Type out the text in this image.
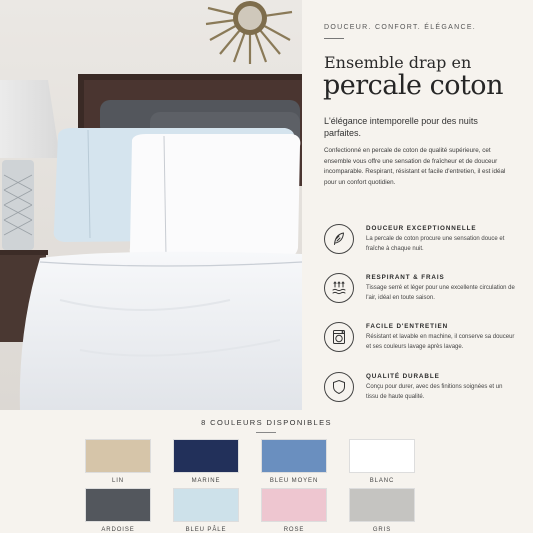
DOUCEUR. CONFORT. ÉLÉGANCE.
Ensemble drap en
percale coton
L'élégance intemporelle pour des nuits parfaites.
Confectionné en percale de coton de qualité supérieure, cet ensemble vous offre une sensation de fraîcheur et de douceur incomparable. Respirant, résistant et facile d'entretien, il est idéal pour un confort quotidien.
DOUCEUR EXCEPTIONNELLE
La percale de coton procure une sensation douce et fraîche à chaque nuit.
RESPIRANT & FRAIS
Tissage serré et léger pour une excellente circulation de l'air, idéal en toute saison.
FACILE D'ENTRETIEN
Résistant et lavable en machine, il conserve sa douceur et ses couleurs lavage après lavage.
QUALITÉ DURABLE
Conçu pour durer, avec des finitions soignées et un tissu de haute qualité.
8 COULEURS DISPONIBLES
LIN	MARINE	BLEU MOYEN	BLANC
ARDOISE	BLEU PÂLE	ROSE	GRIS
